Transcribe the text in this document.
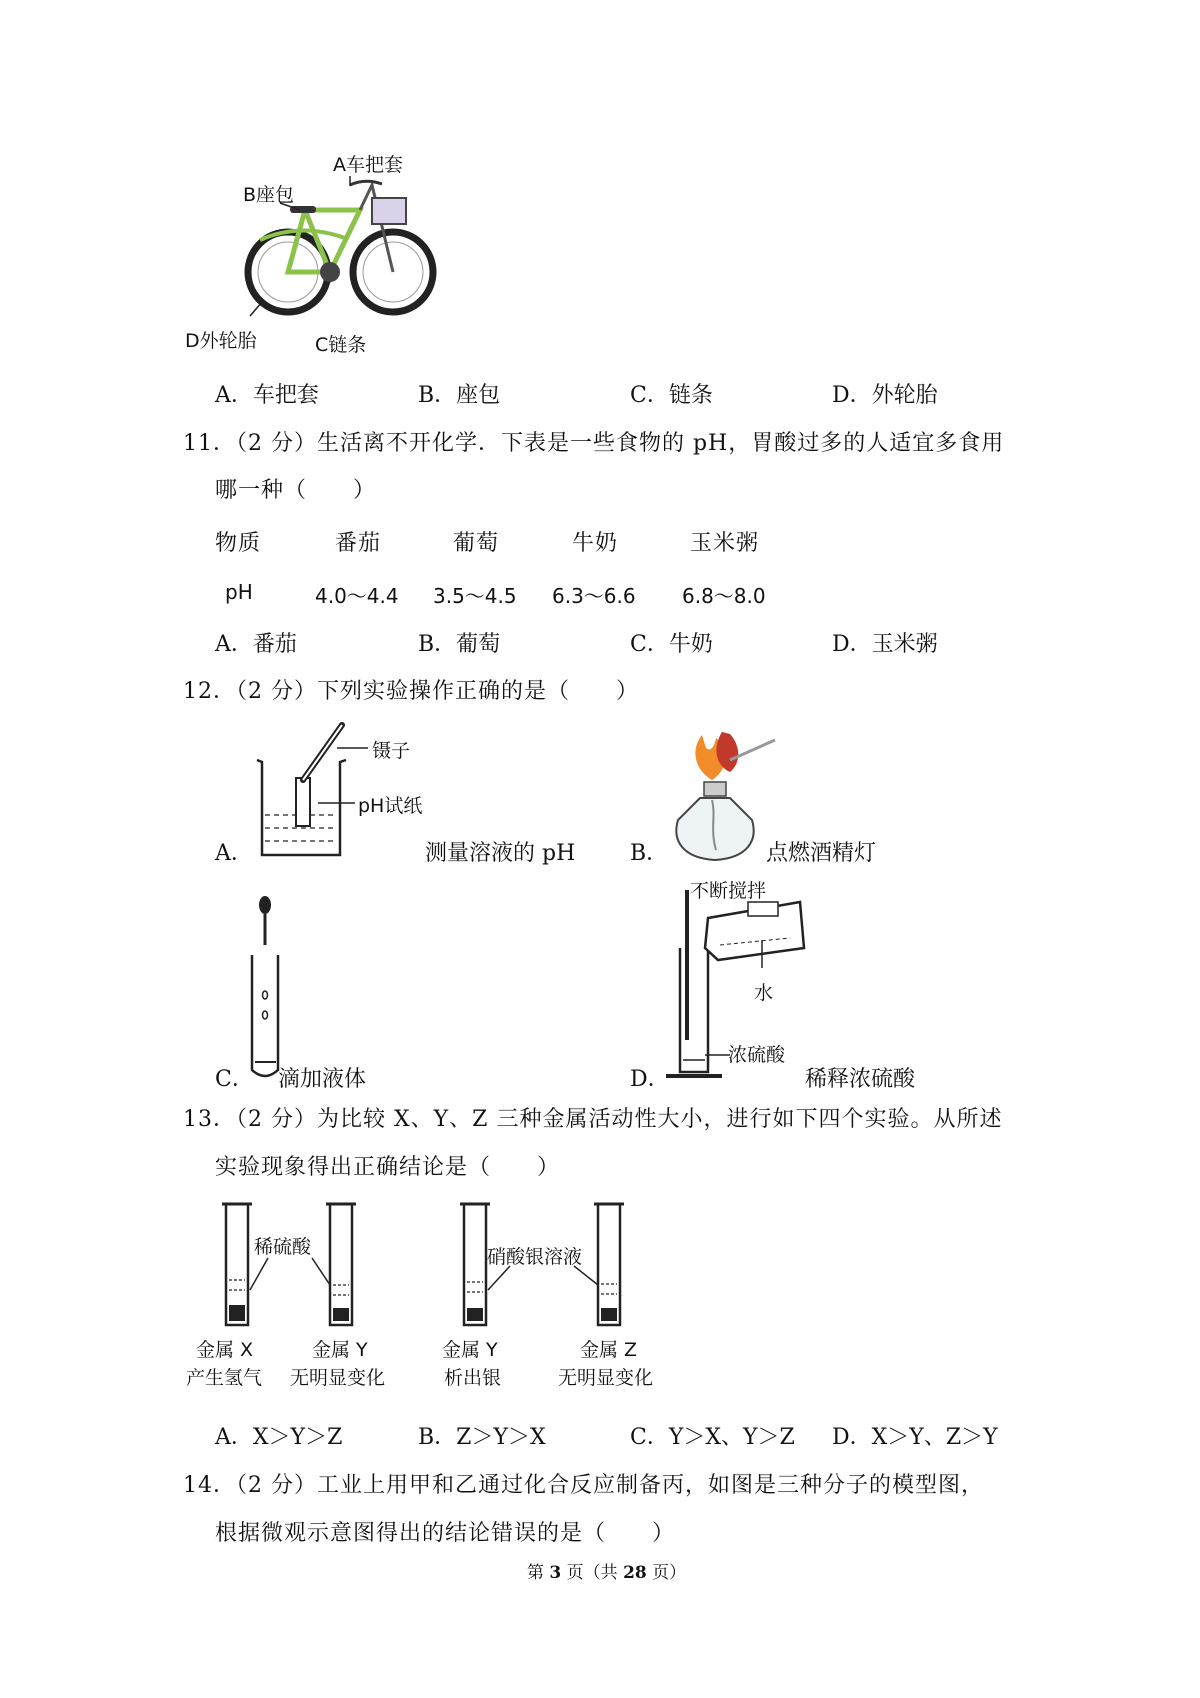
A车把套
B座包
C链条
D外轮胎
A．车把套	B．座包	C．链条	D．外轮胎
11．（2 分）生活离不开化学．下表是一些食物的 pH，胃酸过多的人适宜多食用
哪一种（　　）
物质	番茄	葡萄	牛奶	玉米粥
pH	4.0～4.4 3.5～4.5 6.3～6.6 6.8～8.0
A．番茄	B．葡萄	C．牛奶	D．玉米粥
12．（2 分）下列实验操作正确的是（　　）
镊子
pH试纸
A．	测量溶液的 pH B．	点燃酒精灯
C． 滴加液体
不断搅拌
水
浓硫酸
D．	稀释浓硫酸
13．（2 分）为比较 X、Y、Z 三种金属活动性大小，进行如下四个实验。从所述
实验现象得出正确结论是（　　）
稀硫酸	硝酸银溶液
金属 X
产生氢气
金属 Y
无明显变化
金属 Y
析出银
金属 Z
无明显变化
A．X＞Y＞Z	B．Z＞Y＞X	C．Y＞X、Y＞Z D．X＞Y、Z＞Y
14．（2 分）工业上用甲和乙通过化合反应制备丙，如图是三种分子的模型图，
根据微观示意图得出的结论错误的是（　　）
第 3 页（共 28 页）
